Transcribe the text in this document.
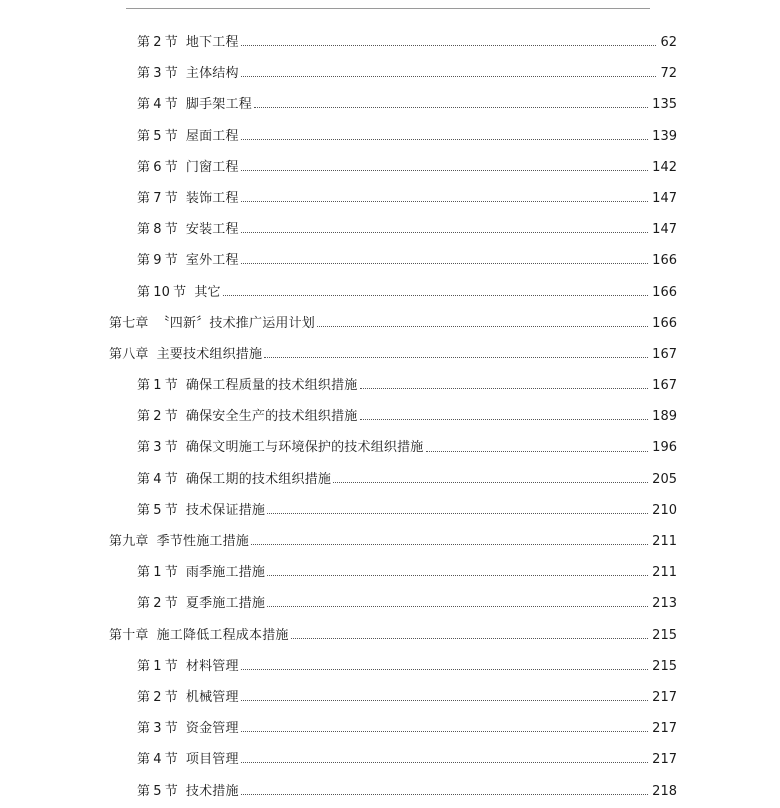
第 2 节 地下工程	62
第 3 节 主体结构	72
第 4 节 脚手架工程	135
第 5 节 屋面工程	139
第 6 节 门窗工程	142
第 7 节 装饰工程	147
第 8 节 安装工程	147
第 9 节 室外工程	166
第 10 节 其它	166
第七章 〝四新〞技术推广运用计划	166
第八章 主要技术组织措施	167
第 1 节 确保工程质量的技术组织措施	167
第 2 节 确保安全生产的技术组织措施	189
第 3 节 确保文明施工与环境保护的技术组织措施	196
第 4 节 确保工期的技术组织措施	205
第 5 节 技术保证措施	210
第九章 季节性施工措施	211
第 1 节 雨季施工措施	211
第 2 节 夏季施工措施	213
第十章 施工降低工程成本措施	215
第 1 节 材料管理	215
第 2 节 机械管理	217
第 3 节 资金管理	217
第 4 节 项目管理	217
第 5 节 技术措施	218
